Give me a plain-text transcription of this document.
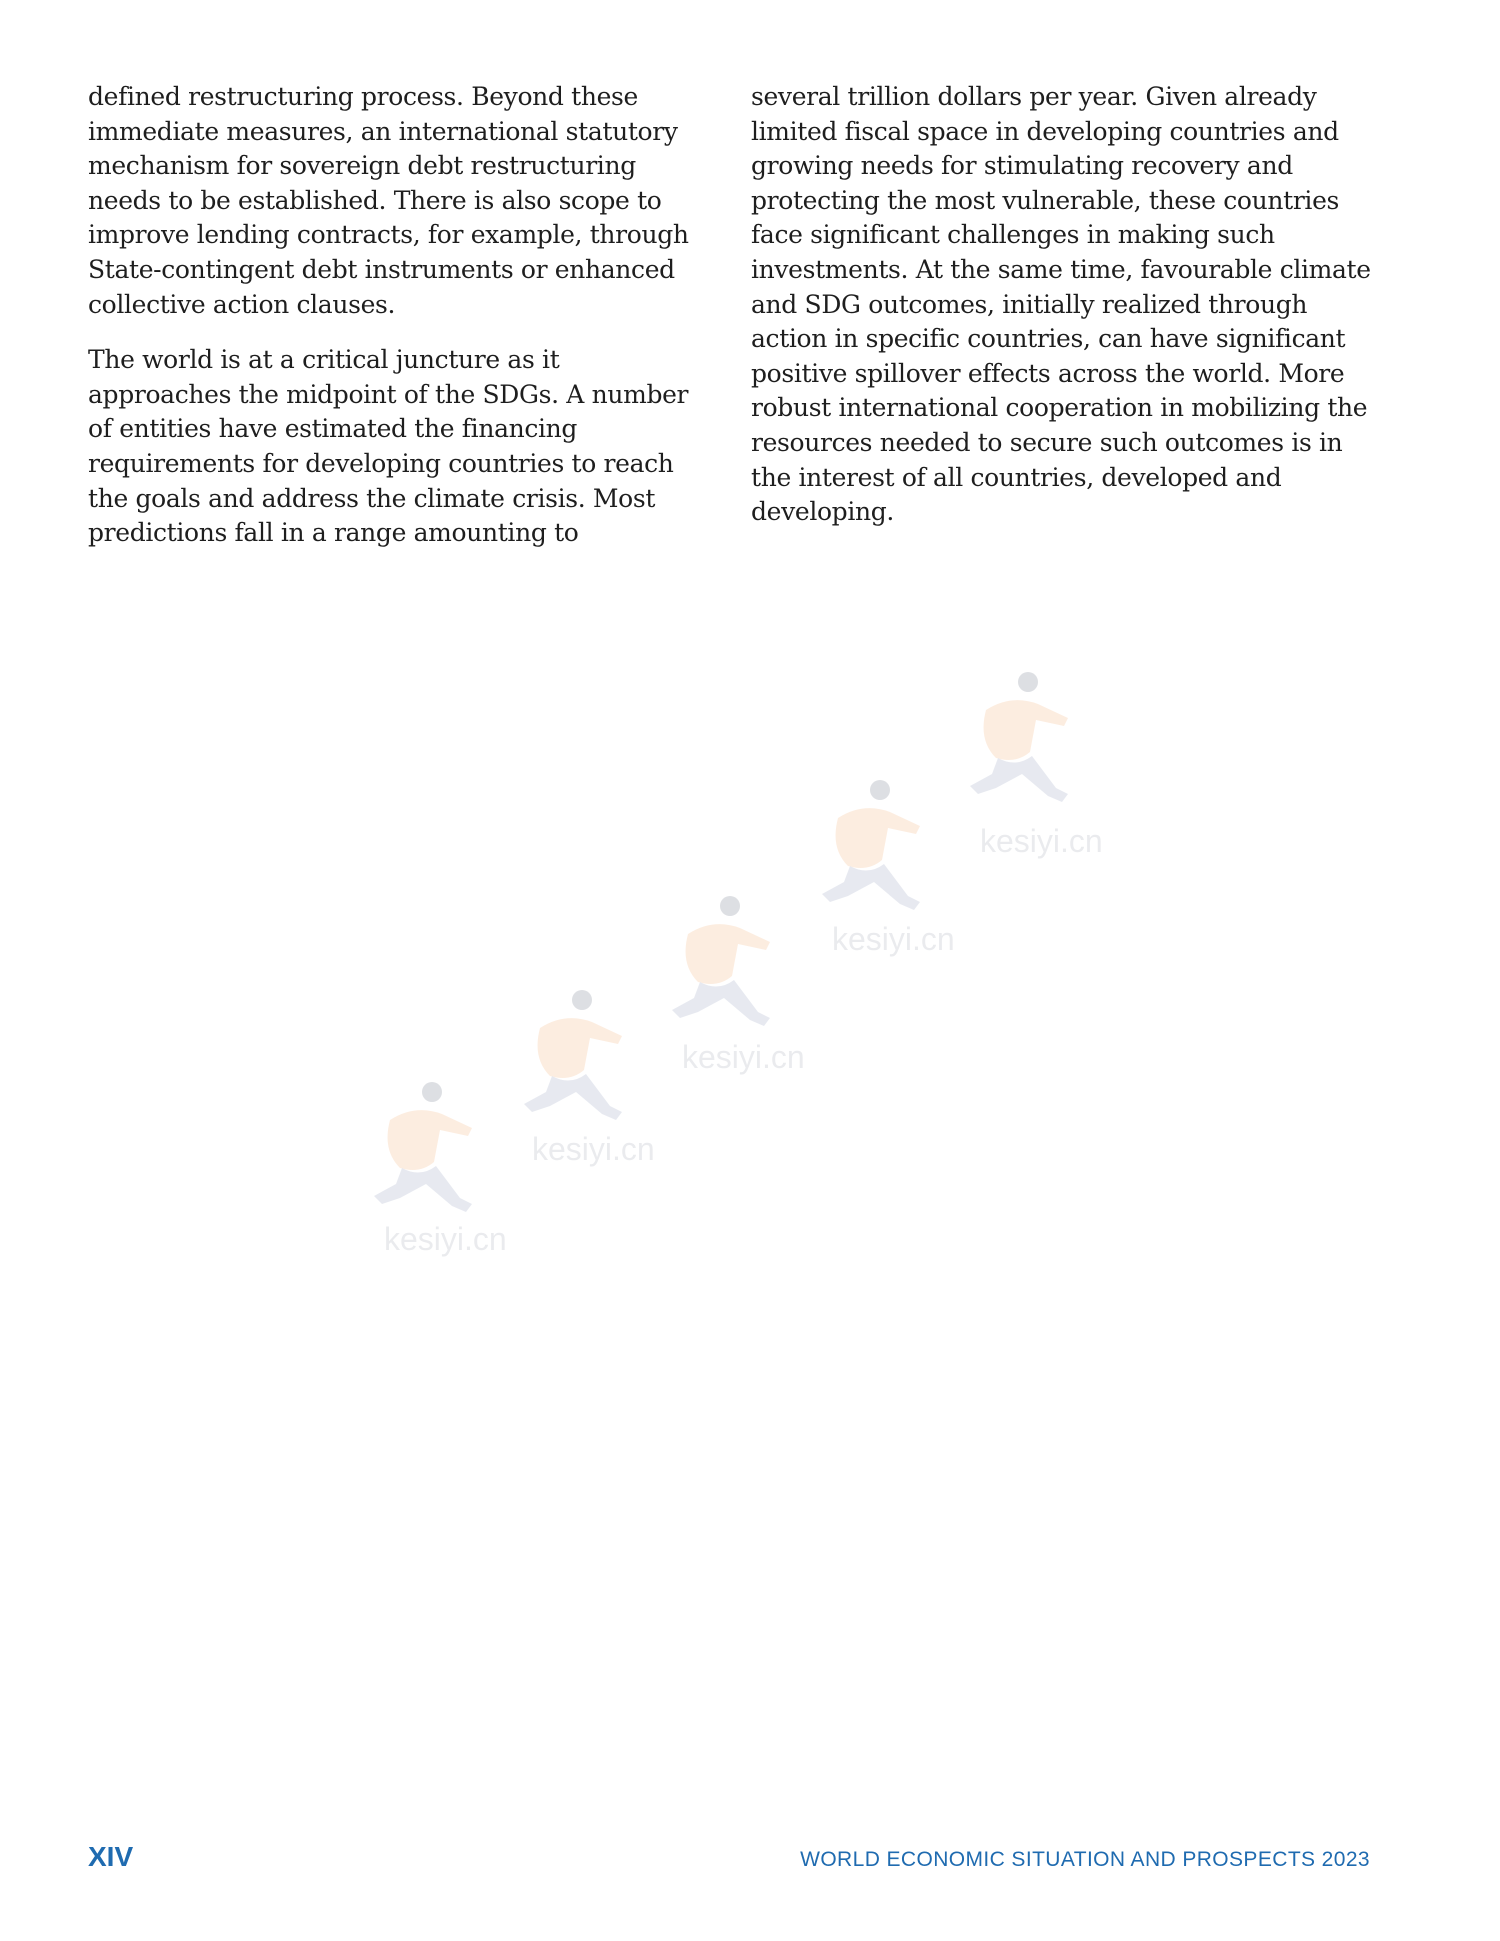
defined restructuring process. Beyond these immediate measures, an international statutory mechanism for sovereign debt restructuring needs to be established. There is also scope to improve lending contracts, for example, through State-contingent debt instruments or enhanced collective action clauses.

The world is at a critical juncture as it approaches the midpoint of the SDGs. A number of entities have estimated the financing requirements for developing countries to reach the goals and address the climate crisis. Most predictions fall in a range amounting to

several trillion dollars per year. Given already limited fiscal space in developing countries and growing needs for stimulating recovery and protecting the most vulnerable, these countries face significant challenges in making such investments. At the same time, favourable climate and SDG outcomes, initially realized through action in specific countries, can have significant positive spillover effects across the world. More robust international cooperation in mobilizing the resources needed to secure such outcomes is in the interest of all countries, developed and developing.

kesiyi.cn
kesiyi.cn
kesiyi.cn
kesiyi.cn
kesiyi.cn
XIV	WORLD ECONOMIC SITUATION AND PROSPECTS 2023
